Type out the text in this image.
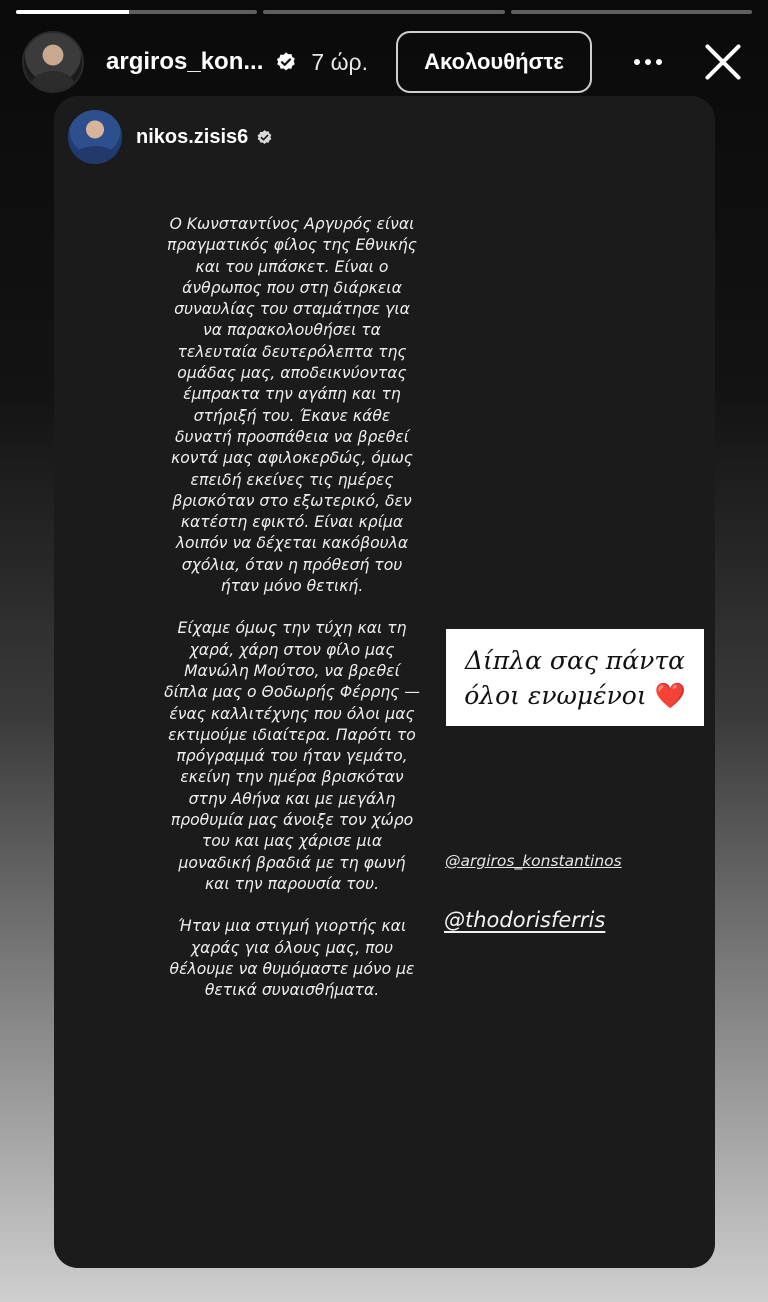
argiros_kon... 7 ώρ.	Ακολουθήστε
nikos.zisis6

Ο Κωνσταντίνος Αργυρός είναι πραγματικός φίλος της Εθνικής και του μπάσκετ. Είναι ο άνθρωπος που στη διάρκεια συναυλίας του σταμάτησε για να παρακολουθήσει τα τελευταία δευτερόλεπτα της ομάδας μας, αποδεικνύοντας έμπρακτα την αγάπη και τη στήριξή του. Έκανε κάθε δυνατή προσπάθεια να βρεθεί κοντά μας αφιλοκερδώς, όμως επειδή εκείνες τις ημέρες βρισκόταν στο εξωτερικό, δεν κατέστη εφικτό. Είναι κρίμα λοιπόν να δέχεται κακόβουλα σχόλια, όταν η πρόθεσή του ήταν μόνο θετική.

Είχαμε όμως την τύχη και τη χαρά, χάρη στον φίλο μας Μανώλη Μούτσο, να βρεθεί δίπλα μας ο Θοδωρής Φέρρης — ένας καλλιτέχνης που όλοι μας εκτιμούμε ιδιαίτερα. Παρότι το πρόγραμμά του ήταν γεμάτο, εκείνη την ημέρα βρισκόταν στην Αθήνα και με μεγάλη προθυμία μας άνοιξε τον χώρο του και μας χάρισε μια μοναδική βραδιά με τη φωνή και την παρουσία του.

Ήταν μια στιγμή γιορτής και χαράς για όλους μας, που θέλουμε να θυμόμαστε μόνο με θετικά συναισθήματα.

Δίπλα σας πάντα
όλοι ενωμένοι ❤️
@argiros_konstantinos
@thodorisferris
